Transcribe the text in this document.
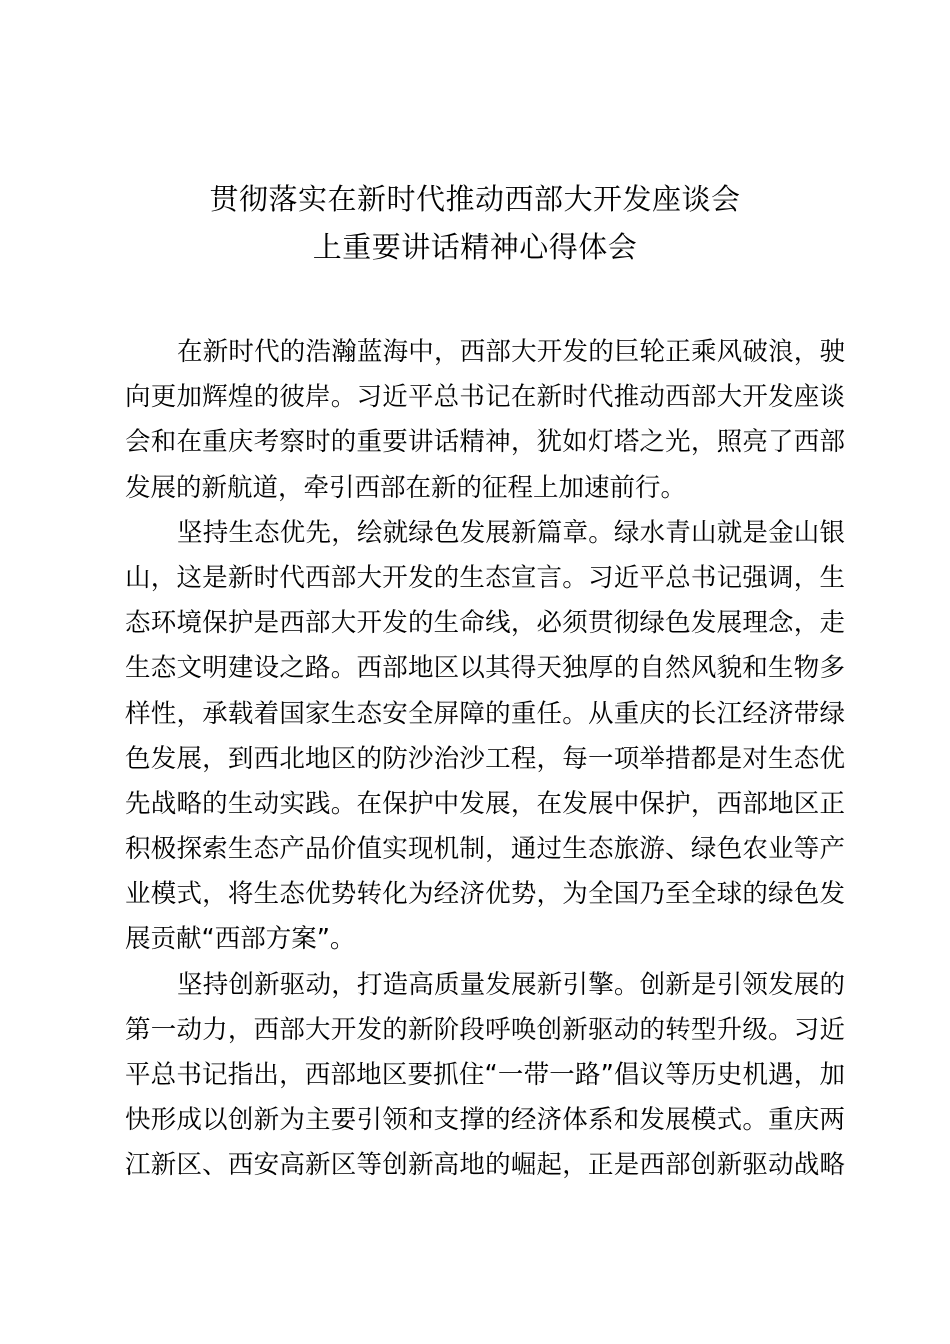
贯彻落实在新时代推动西部大开发座谈会
上重要讲话精神心得体会
在新时代的浩瀚蓝海中，西部大开发的巨轮正乘风破浪，驶
向更加辉煌的彼岸。习近平总书记在新时代推动西部大开发座谈
会和在重庆考察时的重要讲话精神，犹如灯塔之光，照亮了西部
发展的新航道，牵引西部在新的征程上加速前行。
坚持生态优先，绘就绿色发展新篇章。绿水青山就是金山银
山，这是新时代西部大开发的生态宣言。习近平总书记强调，生
态环境保护是西部大开发的生命线，必须贯彻绿色发展理念，走
生态文明建设之路。西部地区以其得天独厚的自然风貌和生物多
样性，承载着国家生态安全屏障的重任。从重庆的长江经济带绿
色发展，到西北地区的防沙治沙工程，每一项举措都是对生态优
先战略的生动实践。在保护中发展，在发展中保护，西部地区正
积极探索生态产品价值实现机制，通过生态旅游、绿色农业等产
业模式，将生态优势转化为经济优势，为全国乃至全球的绿色发
展贡献“西部方案”。
坚持创新驱动，打造高质量发展新引擎。创新是引领发展的
第一动力，西部大开发的新阶段呼唤创新驱动的转型升级。习近
平总书记指出，西部地区要抓住“一带一路”倡议等历史机遇，加
快形成以创新为主要引领和支撑的经济体系和发展模式。重庆两
江新区、西安高新区等创新高地的崛起，正是西部创新驱动战略
